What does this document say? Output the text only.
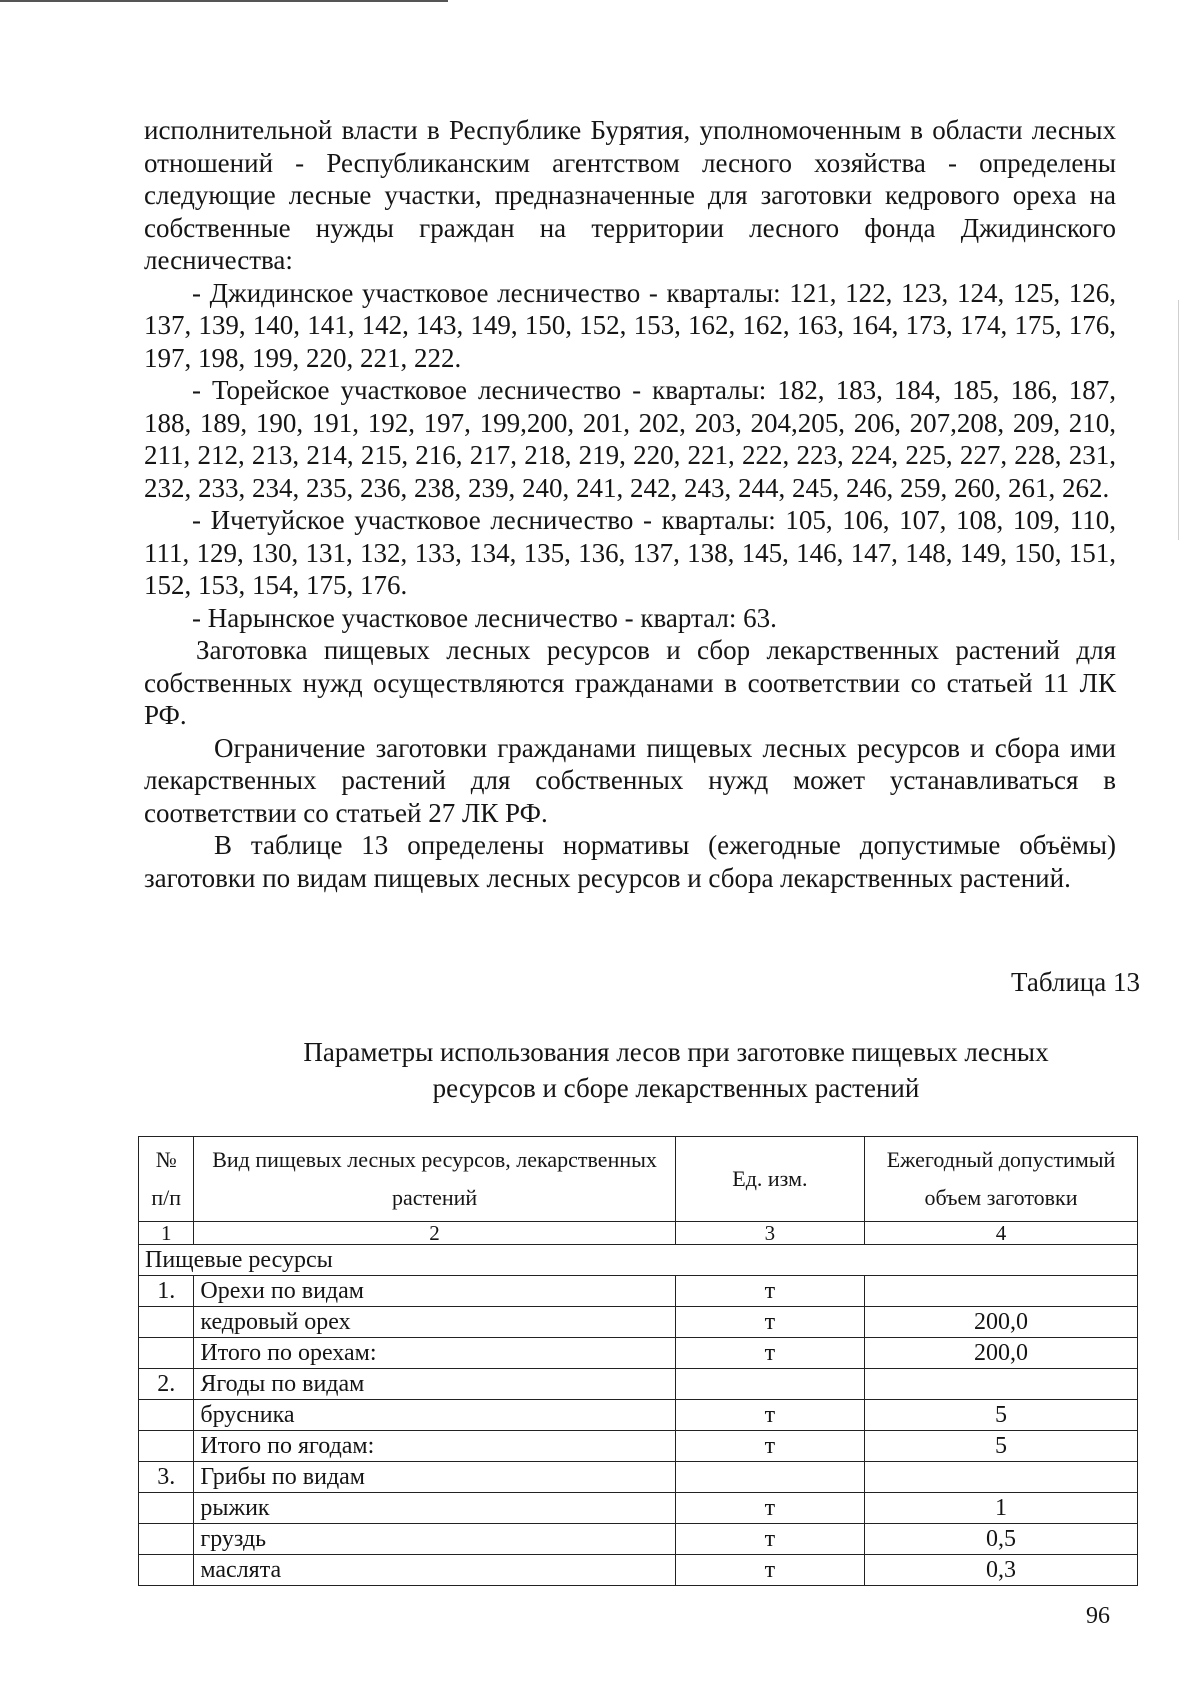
исполнительной власти в Республике Бурятия, уполномоченным в области лесных отношений - Республиканским агентством лесного хозяйства - определены следующие лесные участки, предназначенные для заготовки кедрового ореха на собственные нужды граждан на территории лесного фонда Джидинского лесничества:

- Джидинское участковое лесничество - кварталы: 121, 122, 123, 124, 125, 126, 137, 139, 140, 141, 142, 143, 149, 150, 152, 153, 162, 162, 163, 164, 173, 174, 175, 176, 197, 198, 199, 220, 221, 222.

- Торейское участковое лесничество - кварталы: 182, 183, 184, 185, 186, 187, 188, 189, 190, 191, 192, 197, 199,200, 201, 202, 203, 204,205, 206, 207,208, 209, 210, 211, 212, 213, 214, 215, 216, 217, 218, 219, 220, 221, 222, 223, 224, 225, 227, 228, 231, 232, 233, 234, 235, 236, 238, 239, 240, 241, 242, 243, 244, 245, 246, 259, 260, 261, 262.

- Ичетуйское участковое лесничество - кварталы: 105, 106, 107, 108, 109, 110, 111, 129, 130, 131, 132, 133, 134, 135, 136, 137, 138, 145, 146, 147, 148, 149, 150, 151, 152, 153, 154, 175, 176.

- Нарынское участковое лесничество - квартал: 63.

Заготовка пищевых лесных ресурсов и сбор лекарственных растений для собственных нужд осуществляются гражданами в соответствии со статьей 11 ЛК РФ.

Ограничение заготовки гражданами пищевых лесных ресурсов и сбора ими лекарственных растений для собственных нужд может устанавливаться в соответствии со статьей 27 ЛК РФ.

В таблице 13 определены нормативы (ежегодные допустимые объёмы) заготовки по видам пищевых лесных ресурсов и сбора лекарственных растений.

Таблица 13
Параметры использования лесов при заготовке пищевых лесных
ресурсов и сборе лекарственных растений
№ п/п	Вид пищевых лесных ресурсов, лекарственных растений	Ед. изм.	Ежегодный допустимый объем заготовки
1	2	3	4
Пищевые ресурсы			
1.	Орехи по видам	т	
	кедровый орех	т	200,0
	Итого по орехам:	т	200,0
2.	Ягоды по видам		
	брусника	т	5
	Итого по ягодам:	т	5
3.	Грибы по видам		
	рыжик	т	1
	груздь	т	0,5
	маслята	т	0,3
96
